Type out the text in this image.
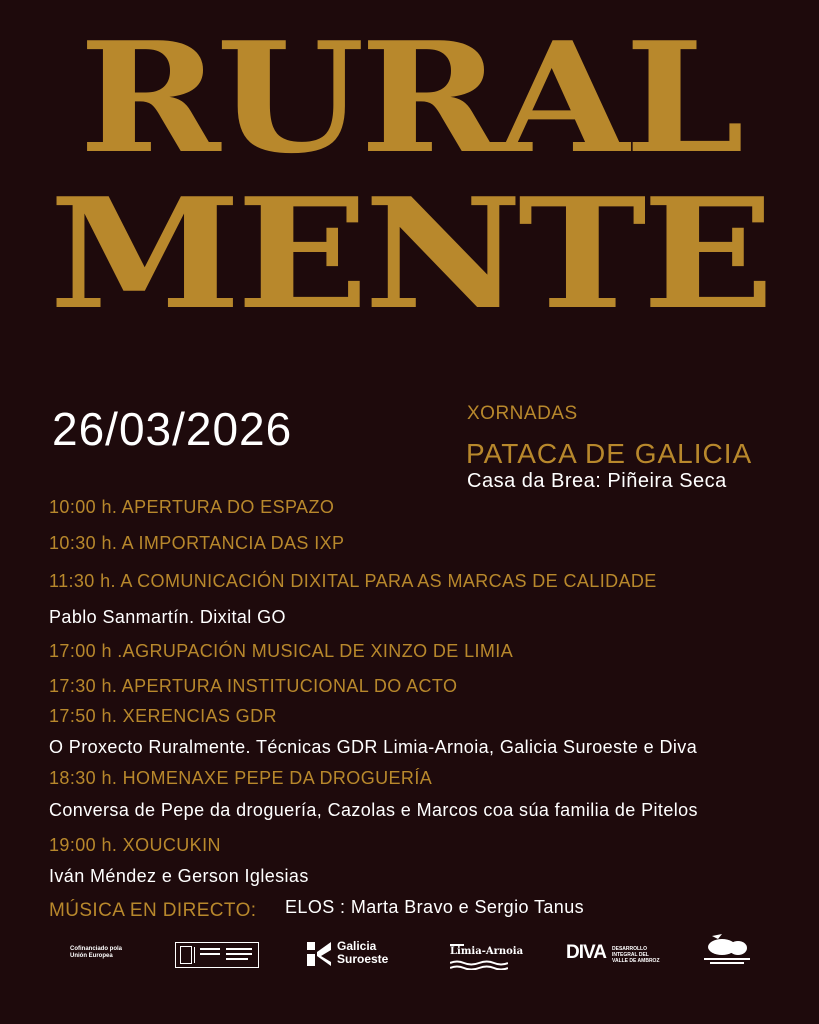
RURAL
MENTE
26/03/2026	XORNADAS
PATACA DE GALICIA
Casa da Brea: Piñeira Seca
10:00 h. APERTURA DO ESPAZO
10:30 h. A IMPORTANCIA DAS IXP
11:30 h. A COMUNICACIÓN DIXITAL PARA AS MARCAS DE CALIDADE
Pablo Sanmartín. Dixital GO
17:00 h .AGRUPACIÓN MUSICAL DE XINZO DE LIMIA
17:30 h. APERTURA INSTITUCIONAL DO ACTO
17:50 h. XERENCIAS GDR
O Proxecto Ruralmente. Técnicas GDR Limia-Arnoia, Galicia Suroeste e Diva
18:30 h. HOMENAXE PEPE DA DROGUERÍA
Conversa de Pepe da droguería, Cazolas e Marcos coa súa familia de Pitelos
19:00 h. XOUCUKIN
Iván Méndez e Gerson Iglesias
MÚSICA EN DIRECTO: ELOS : Marta Bravo e Sergio Tanus
Cofinanciado pola Unión Europea
Galicia
Suroeste
Limia-Arnoia DIVA DESARROLLO INTEGRAL DEL VALLE DE AMBROZ
